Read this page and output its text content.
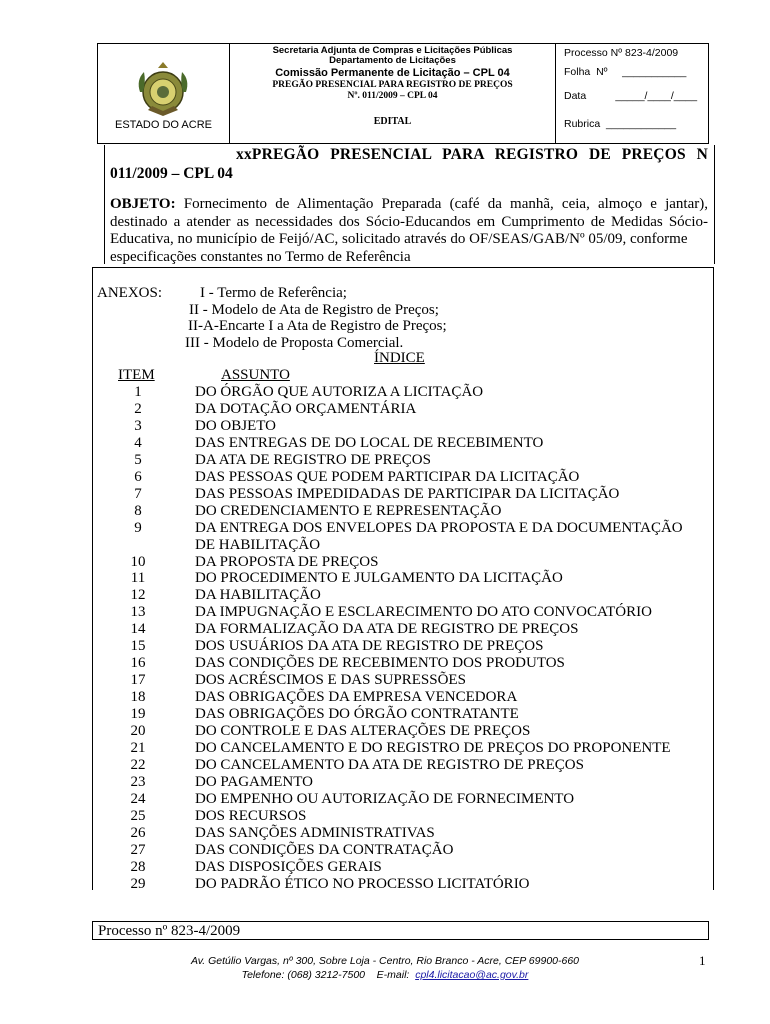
ESTADO DO ACRE
Secretaria Adjunta de Compras e Licitações Públicas
Departamento de Licitações
Comissão Permanente de Licitação – CPL 04
PREGÃO PRESENCIAL PARA REGISTRO DE PREÇOS
Nº. 011/2009 – CPL 04
EDITAL
Processo Nº 823-4/2009
Folha  Nº     ___________
Data          _____/____/____
Rubrica  ____________
xxPREGÃO PRESENCIAL PARA REGISTRO DE PREÇOS N
011/2009 – CPL 04
OBJETO: Fornecimento de Alimentação Preparada (café da manhã, ceia, almoço e jantar), destinado a atender as necessidades dos Sócio-Educandos em Cumprimento de Medidas Sócio-Educativa, no município de Feijó/AC, solicitado através do OF/SEAS/GAB/Nº 05/09, conforme
especificações constantes no Termo de Referência
ANEXOS:	I - Termo de Referência;
II - Modelo de Ata de Registro de Preços;
II-A-Encarte I a Ata de Registro de Preços;
III - Modelo de Proposta Comercial.
ÍNDICE
ITEM	ASSUNTO
1	DO ÓRGÃO QUE AUTORIZA A LICITAÇÃO
2	DA DOTAÇÃO ORÇAMENTÁRIA
3	DO OBJETO
4	DAS ENTREGAS DE DO LOCAL DE RECEBIMENTO
5	DA ATA DE REGISTRO DE PREÇOS
6	DAS PESSOAS QUE PODEM PARTICIPAR DA LICITAÇÃO
7	DAS PESSOAS IMPEDIDADAS DE PARTICIPAR DA LICITAÇÃO
8	DO CREDENCIAMENTO E REPRESENTAÇÃO
9	DA ENTREGA DOS ENVELOPES DA PROPOSTA E DA DOCUMENTAÇÃO
DE HABILITAÇÃO
10	DA PROPOSTA DE PREÇOS
11	DO PROCEDIMENTO E JULGAMENTO DA LICITAÇÃO
12	DA HABILITAÇÃO
13	DA IMPUGNAÇÃO E ESCLARECIMENTO DO ATO CONVOCATÓRIO
14	DA FORMALIZAÇÃO DA ATA DE REGISTRO DE PREÇOS
15	DOS USUÁRIOS DA ATA DE REGISTRO DE PREÇOS
16	DAS CONDIÇÕES DE RECEBIMENTO DOS PRODUTOS
17	DOS ACRÉSCIMOS E DAS SUPRESSÕES
18	DAS OBRIGAÇÕES DA EMPRESA VENCEDORA
19	DAS OBRIGAÇÕES DO ÓRGÃO CONTRATANTE
20	DO CONTROLE E DAS ALTERAÇÕES DE PREÇOS
21	DO CANCELAMENTO E DO REGISTRO DE PREÇOS DO PROPONENTE
22	DO CANCELAMENTO DA ATA DE REGISTRO DE PREÇOS
23	DO PAGAMENTO
24	DO EMPENHO OU AUTORIZAÇÃO DE FORNECIMENTO
25	DOS RECURSOS
26	DAS SANÇÕES ADMINISTRATIVAS
27	DAS CONDIÇÕES DA CONTRATAÇÃO
28	DAS DISPOSIÇÕES GERAIS
29	DO PADRÃO ÉTICO NO PROCESSO LICITATÓRIO
Processo nº 823-4/2009
Av. Getúlio Vargas, nº 300, Sobre Loja - Centro, Rio Branco - Acre, CEP 69900-660
Telefone: (068) 3212-7500    E-mail:  cpl4.licitacao@ac.gov.br
1
